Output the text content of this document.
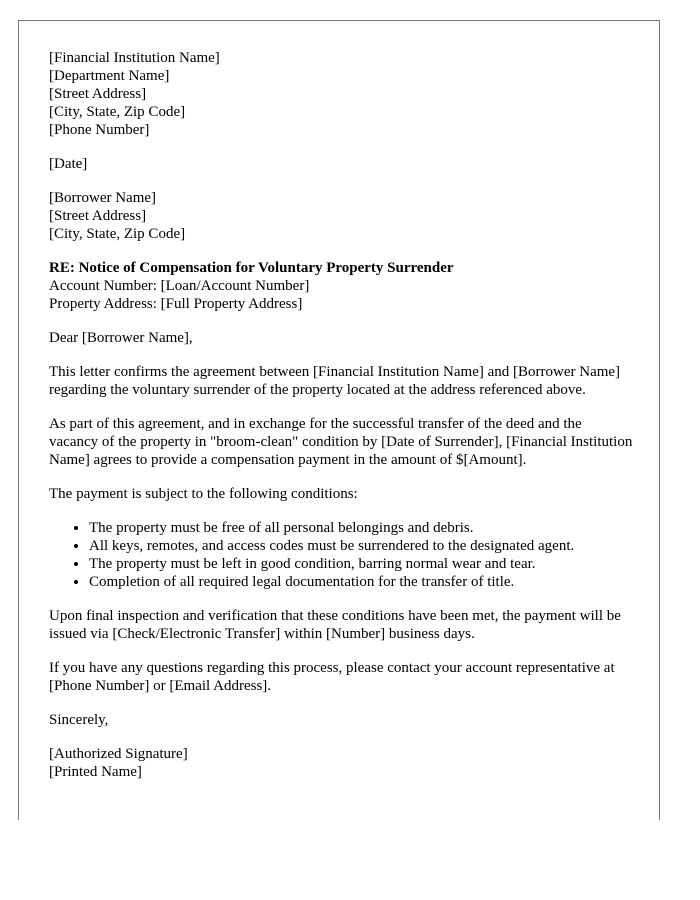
[Financial Institution Name]
[Department Name]
[Street Address]
[City, State, Zip Code]
[Phone Number]
[Date]
[Borrower Name]
[Street Address]
[City, State, Zip Code]
RE: Notice of Compensation for Voluntary Property Surrender
Account Number: [Loan/Account Number]
Property Address: [Full Property Address]

Dear [Borrower Name],

This letter confirms the agreement between [Financial Institution Name] and [Borrower Name] regarding the voluntary surrender of the property located at the address referenced above.

As part of this agreement, and in exchange for the successful transfer of the deed and the vacancy of the property in "broom-clean" condition by [Date of Surrender], [Financial Institution Name] agrees to provide a compensation payment in the amount of $[Amount].

The payment is subject to the following conditions:

• The property must be free of all personal belongings and debris.
• All keys, remotes, and access codes must be surrendered to the designated agent.
• The property must be left in good condition, barring normal wear and tear.
• Completion of all required legal documentation for the transfer of title.

Upon final inspection and verification that these conditions have been met, the payment will be issued via [Check/Electronic Transfer] within [Number] business days.

If you have any questions regarding this process, please contact your account representative at [Phone Number] or [Email Address].

Sincerely,

[Authorized Signature]
[Printed Name]
